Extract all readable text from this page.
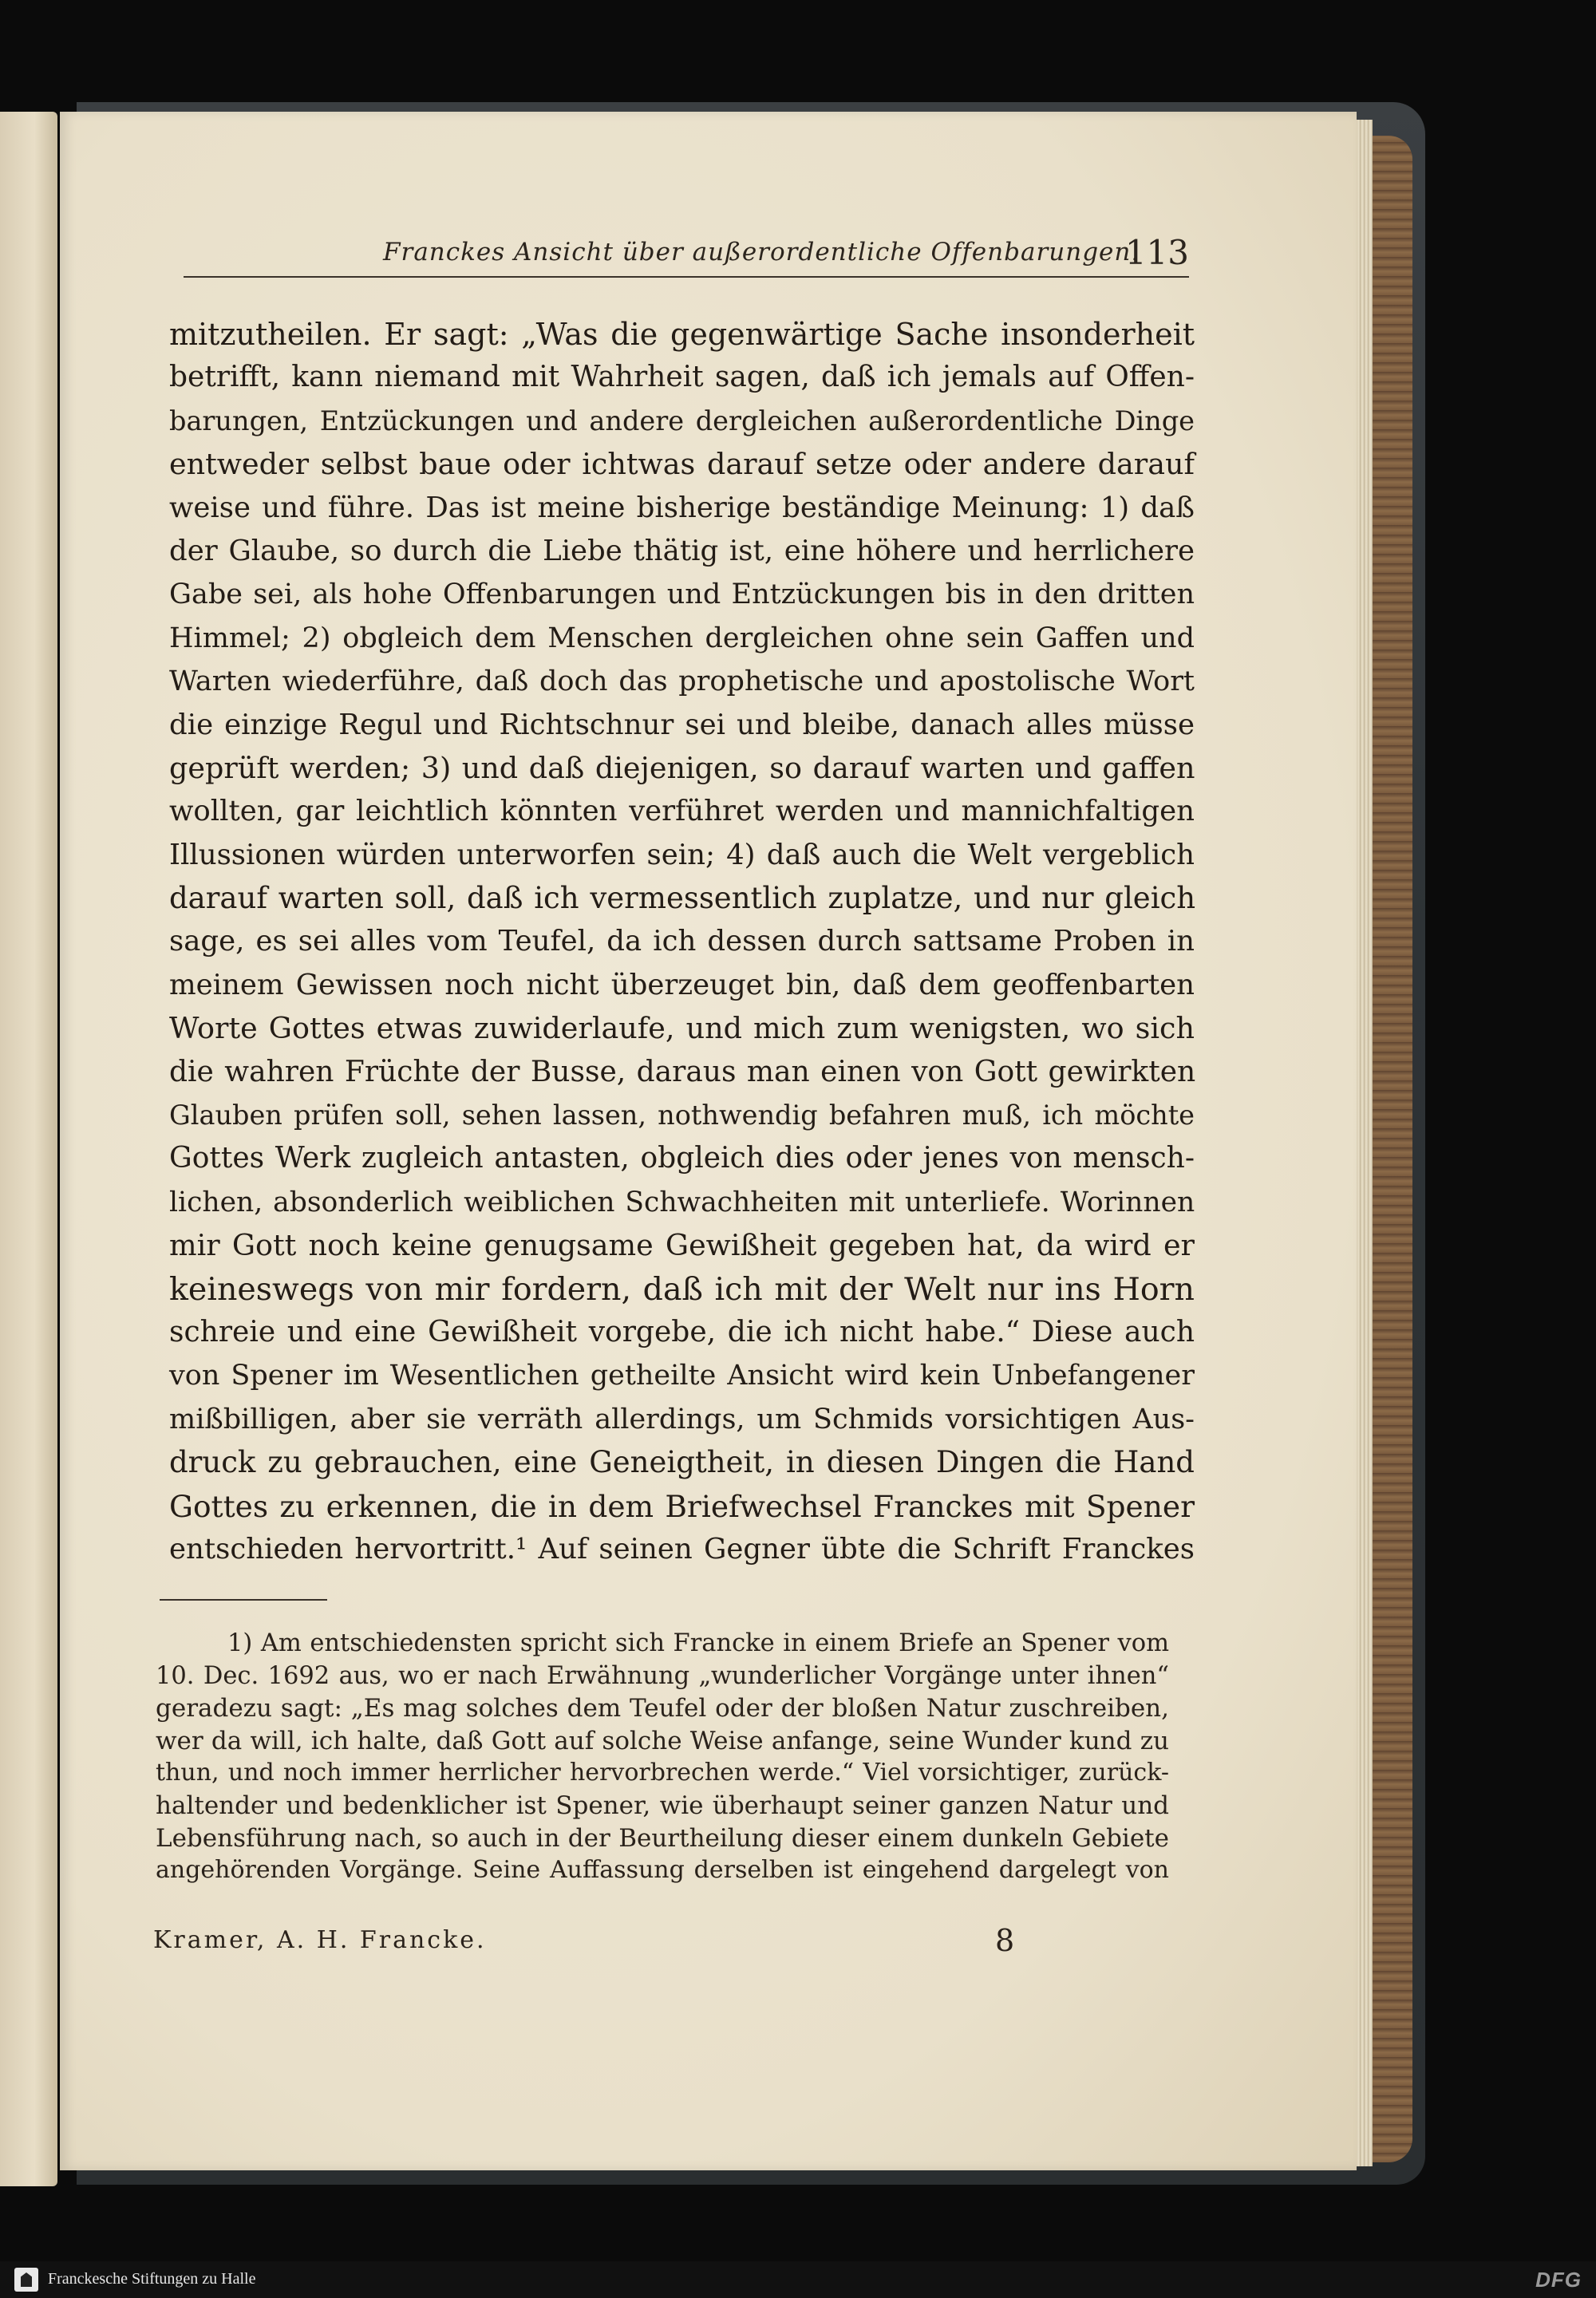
Franckes Ansicht über außerordentliche Offenbarungen.
113
mitzutheilen. Er sagt: „Was die gegenwärtige Sache insonderheit
betrifft, kann niemand mit Wahrheit sagen, daß ich jemals auf Offen-
barungen, Entzückungen und andere dergleichen außerordentliche Dinge
entweder selbst baue oder ichtwas darauf setze oder andere darauf
weise und führe. Das ist meine bisherige beständige Meinung: 1) daß
der Glaube, so durch die Liebe thätig ist, eine höhere und herrlichere
Gabe sei, als hohe Offenbarungen und Entzückungen bis in den dritten
Himmel; 2) obgleich dem Menschen dergleichen ohne sein Gaffen und
Warten wiederführe, daß doch das prophetische und apostolische Wort
die einzige Regul und Richtschnur sei und bleibe, danach alles müsse
geprüft werden; 3) und daß diejenigen, so darauf warten und gaffen
wollten, gar leichtlich könnten verführet werden und mannichfaltigen
Illussionen würden unterworfen sein; 4) daß auch die Welt vergeblich
darauf warten soll, daß ich vermessentlich zuplatze, und nur gleich
sage, es sei alles vom Teufel, da ich dessen durch sattsame Proben in
meinem Gewissen noch nicht überzeuget bin, daß dem geoffenbarten
Worte Gottes etwas zuwiderlaufe, und mich zum wenigsten, wo sich
die wahren Früchte der Busse, daraus man einen von Gott gewirkten
Glauben prüfen soll, sehen lassen, nothwendig befahren muß, ich möchte
Gottes Werk zugleich antasten, obgleich dies oder jenes von mensch-
lichen, absonderlich weiblichen Schwachheiten mit unterliefe. Worinnen
mir Gott noch keine genugsame Gewißheit gegeben hat, da wird er
keineswegs von mir fordern, daß ich mit der Welt nur ins Horn
schreie und eine Gewißheit vorgebe, die ich nicht habe.“ Diese auch
von Spener im Wesentlichen getheilte Ansicht wird kein Unbefangener
mißbilligen, aber sie verräth allerdings, um Schmids vorsichtigen Aus-
druck zu gebrauchen, eine Geneigtheit, in diesen Dingen die Hand
Gottes zu erkennen, die in dem Briefwechsel Franckes mit Spener
entschieden hervortritt.¹ Auf seinen Gegner übte die Schrift Franckes
1) Am entschiedensten spricht sich Francke in einem Briefe an Spener vom
10. Dec. 1692 aus, wo er nach Erwähnung „wunderlicher Vorgänge unter ihnen“
geradezu sagt: „Es mag solches dem Teufel oder der bloßen Natur zuschreiben,
wer da will, ich halte, daß Gott auf solche Weise anfange, seine Wunder kund zu
thun, und noch immer herrlicher hervorbrechen werde.“ Viel vorsichtiger, zurück-
haltender und bedenklicher ist Spener, wie überhaupt seiner ganzen Natur und
Lebensführung nach, so auch in der Beurtheilung dieser einem dunkeln Gebiete
angehörenden Vorgänge. Seine Auffassung derselben ist eingehend dargelegt von
Kramer, A. H. Francke.	8
Franckesche Stiftungen zu Halle	DFG
